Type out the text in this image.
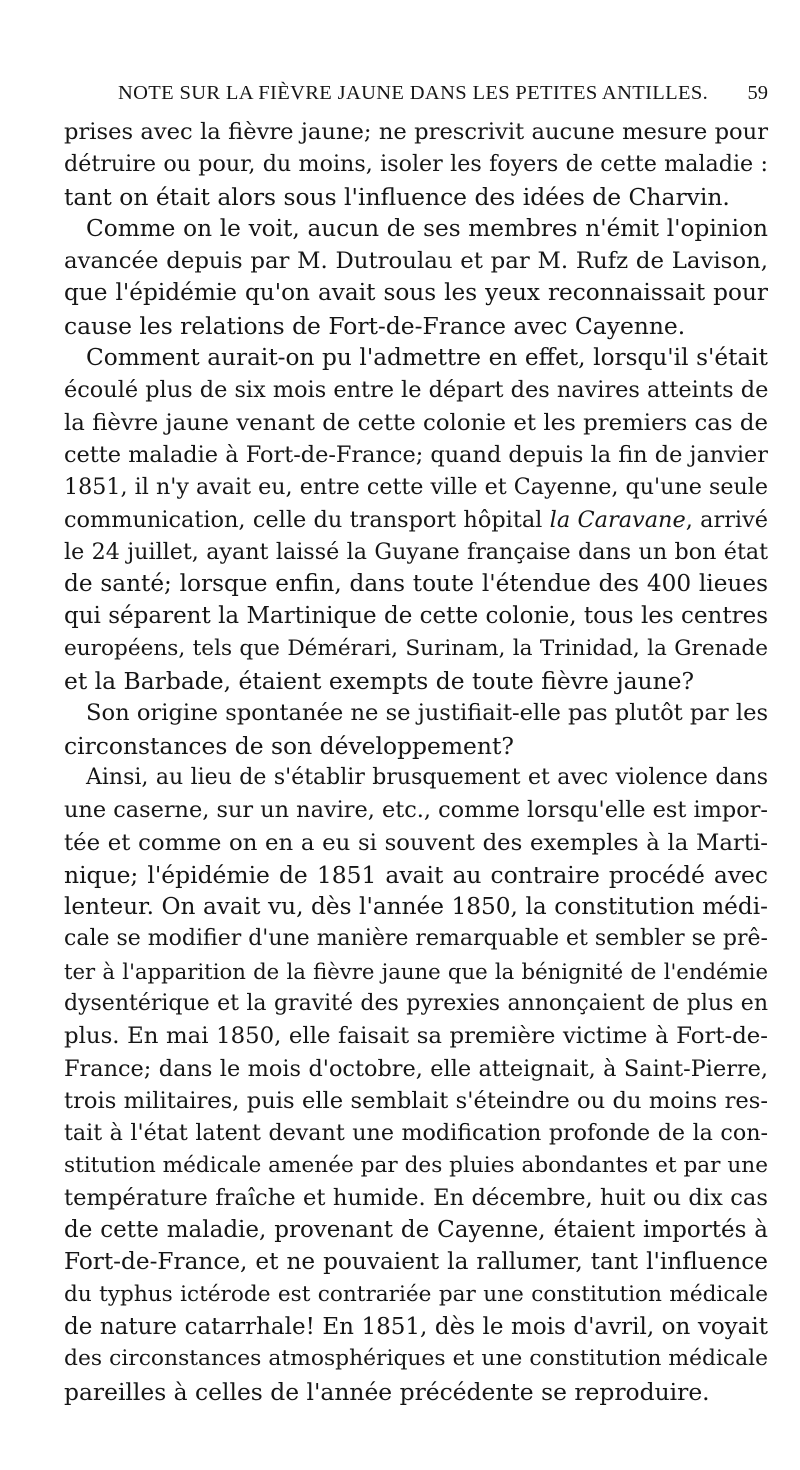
NOTE SUR LA FIÈVRE JAUNE DANS LES PETITES ANTILLES. 59
prises avec la fièvre jaune; ne prescrivit aucune mesure pour
détruire ou pour, du moins, isoler les foyers de cette maladie :
tant on était alors sous l'influence des idées de Charvin.
Comme on le voit, aucun de ses membres n'émit l'opinion
avancée depuis par M. Dutroulau et par M. Rufz de Lavison,
que l'épidémie qu'on avait sous les yeux reconnaissait pour
cause les relations de Fort-de-France avec Cayenne.
Comment aurait-on pu l'admettre en effet, lorsqu'il s'était
écoulé plus de six mois entre le départ des navires atteints de
la fièvre jaune venant de cette colonie et les premiers cas de
cette maladie à Fort-de-France; quand depuis la fin de janvier
1851, il n'y avait eu, entre cette ville et Cayenne, qu'une seule
communication, celle du transport hôpital la Caravane, arrivé
le 24 juillet, ayant laissé la Guyane française dans un bon état
de santé; lorsque enfin, dans toute l'étendue des 400 lieues
qui séparent la Martinique de cette colonie, tous les centres
européens, tels que Démérari, Surinam, la Trinidad, la Grenade
et la Barbade, étaient exempts de toute fièvre jaune?
Son origine spontanée ne se justifiait-elle pas plutôt par les
circonstances de son développement?
Ainsi, au lieu de s'établir brusquement et avec violence dans
une caserne, sur un navire, etc., comme lorsqu'elle est impor-
tée et comme on en a eu si souvent des exemples à la Marti-
nique; l'épidémie de 1851 avait au contraire procédé avec
lenteur. On avait vu, dès l'année 1850, la constitution médi-
cale se modifier d'une manière remarquable et sembler se prê-
ter à l'apparition de la fièvre jaune que la bénignité de l'endémie
dysentérique et la gravité des pyrexies annonçaient de plus en
plus. En mai 1850, elle faisait sa première victime à Fort-de-
France; dans le mois d'octobre, elle atteignait, à Saint-Pierre,
trois militaires, puis elle semblait s'éteindre ou du moins res-
tait à l'état latent devant une modification profonde de la con-
stitution médicale amenée par des pluies abondantes et par une
température fraîche et humide. En décembre, huit ou dix cas
de cette maladie, provenant de Cayenne, étaient importés à
Fort-de-France, et ne pouvaient la rallumer, tant l'influence
du typhus ictérode est contrariée par une constitution médicale
de nature catarrhale! En 1851, dès le mois d'avril, on voyait
des circonstances atmosphériques et une constitution médicale
pareilles à celles de l'année précédente se reproduire.
